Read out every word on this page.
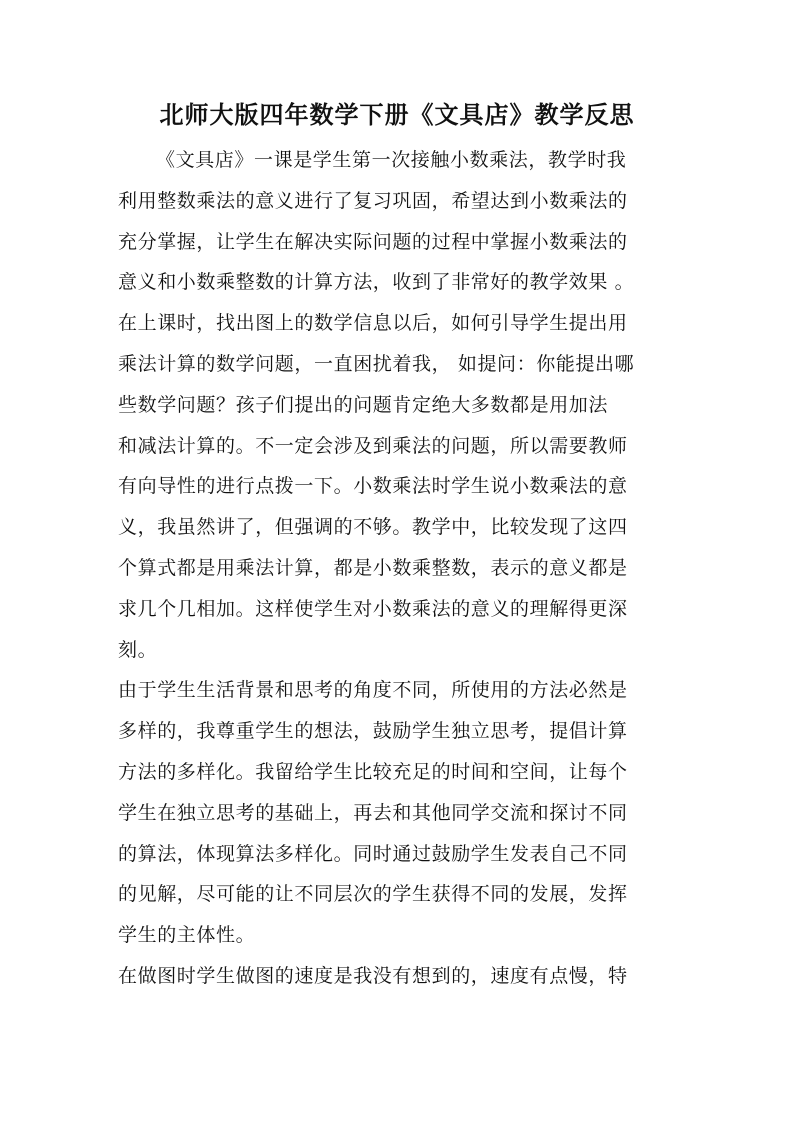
北师大版四年数学下册《文具店》教学反思
《文具店》一课是学生第一次接触小数乘法，教学时我
利用整数乘法的意义进行了复习巩固，希望达到小数乘法的
充分掌握，让学生在解决实际问题的过程中掌握小数乘法的
意义和小数乘整数的计算方法，收到了非常好的教学效果 。
在上课时，找出图上的数学信息以后，如何引导学生提出用
乘法计算的数学问题，一直困扰着我， 如提问：你能提出哪
些数学问题？孩子们提出的问题肯定绝大多数都是用加法
和减法计算的。不一定会涉及到乘法的问题，所以需要教师
有向导性的进行点拨一下。小数乘法时学生说小数乘法的意
义，我虽然讲了，但强调的不够。教学中，比较发现了这四
个算式都是用乘法计算，都是小数乘整数，表示的意义都是
求几个几相加。这样使学生对小数乘法的意义的理解得更深
刻。
由于学生生活背景和思考的角度不同，所使用的方法必然是
多样的，我尊重学生的想法，鼓励学生独立思考，提倡计算
方法的多样化。我留给学生比较充足的时间和空间，让每个
学生在独立思考的基础上，再去和其他同学交流和探讨不同
的算法，体现算法多样化。同时通过鼓励学生发表自己不同
的见解，尽可能的让不同层次的学生获得不同的发展，发挥
学生的主体性。
在做图时学生做图的速度是我没有想到的，速度有点慢，特
